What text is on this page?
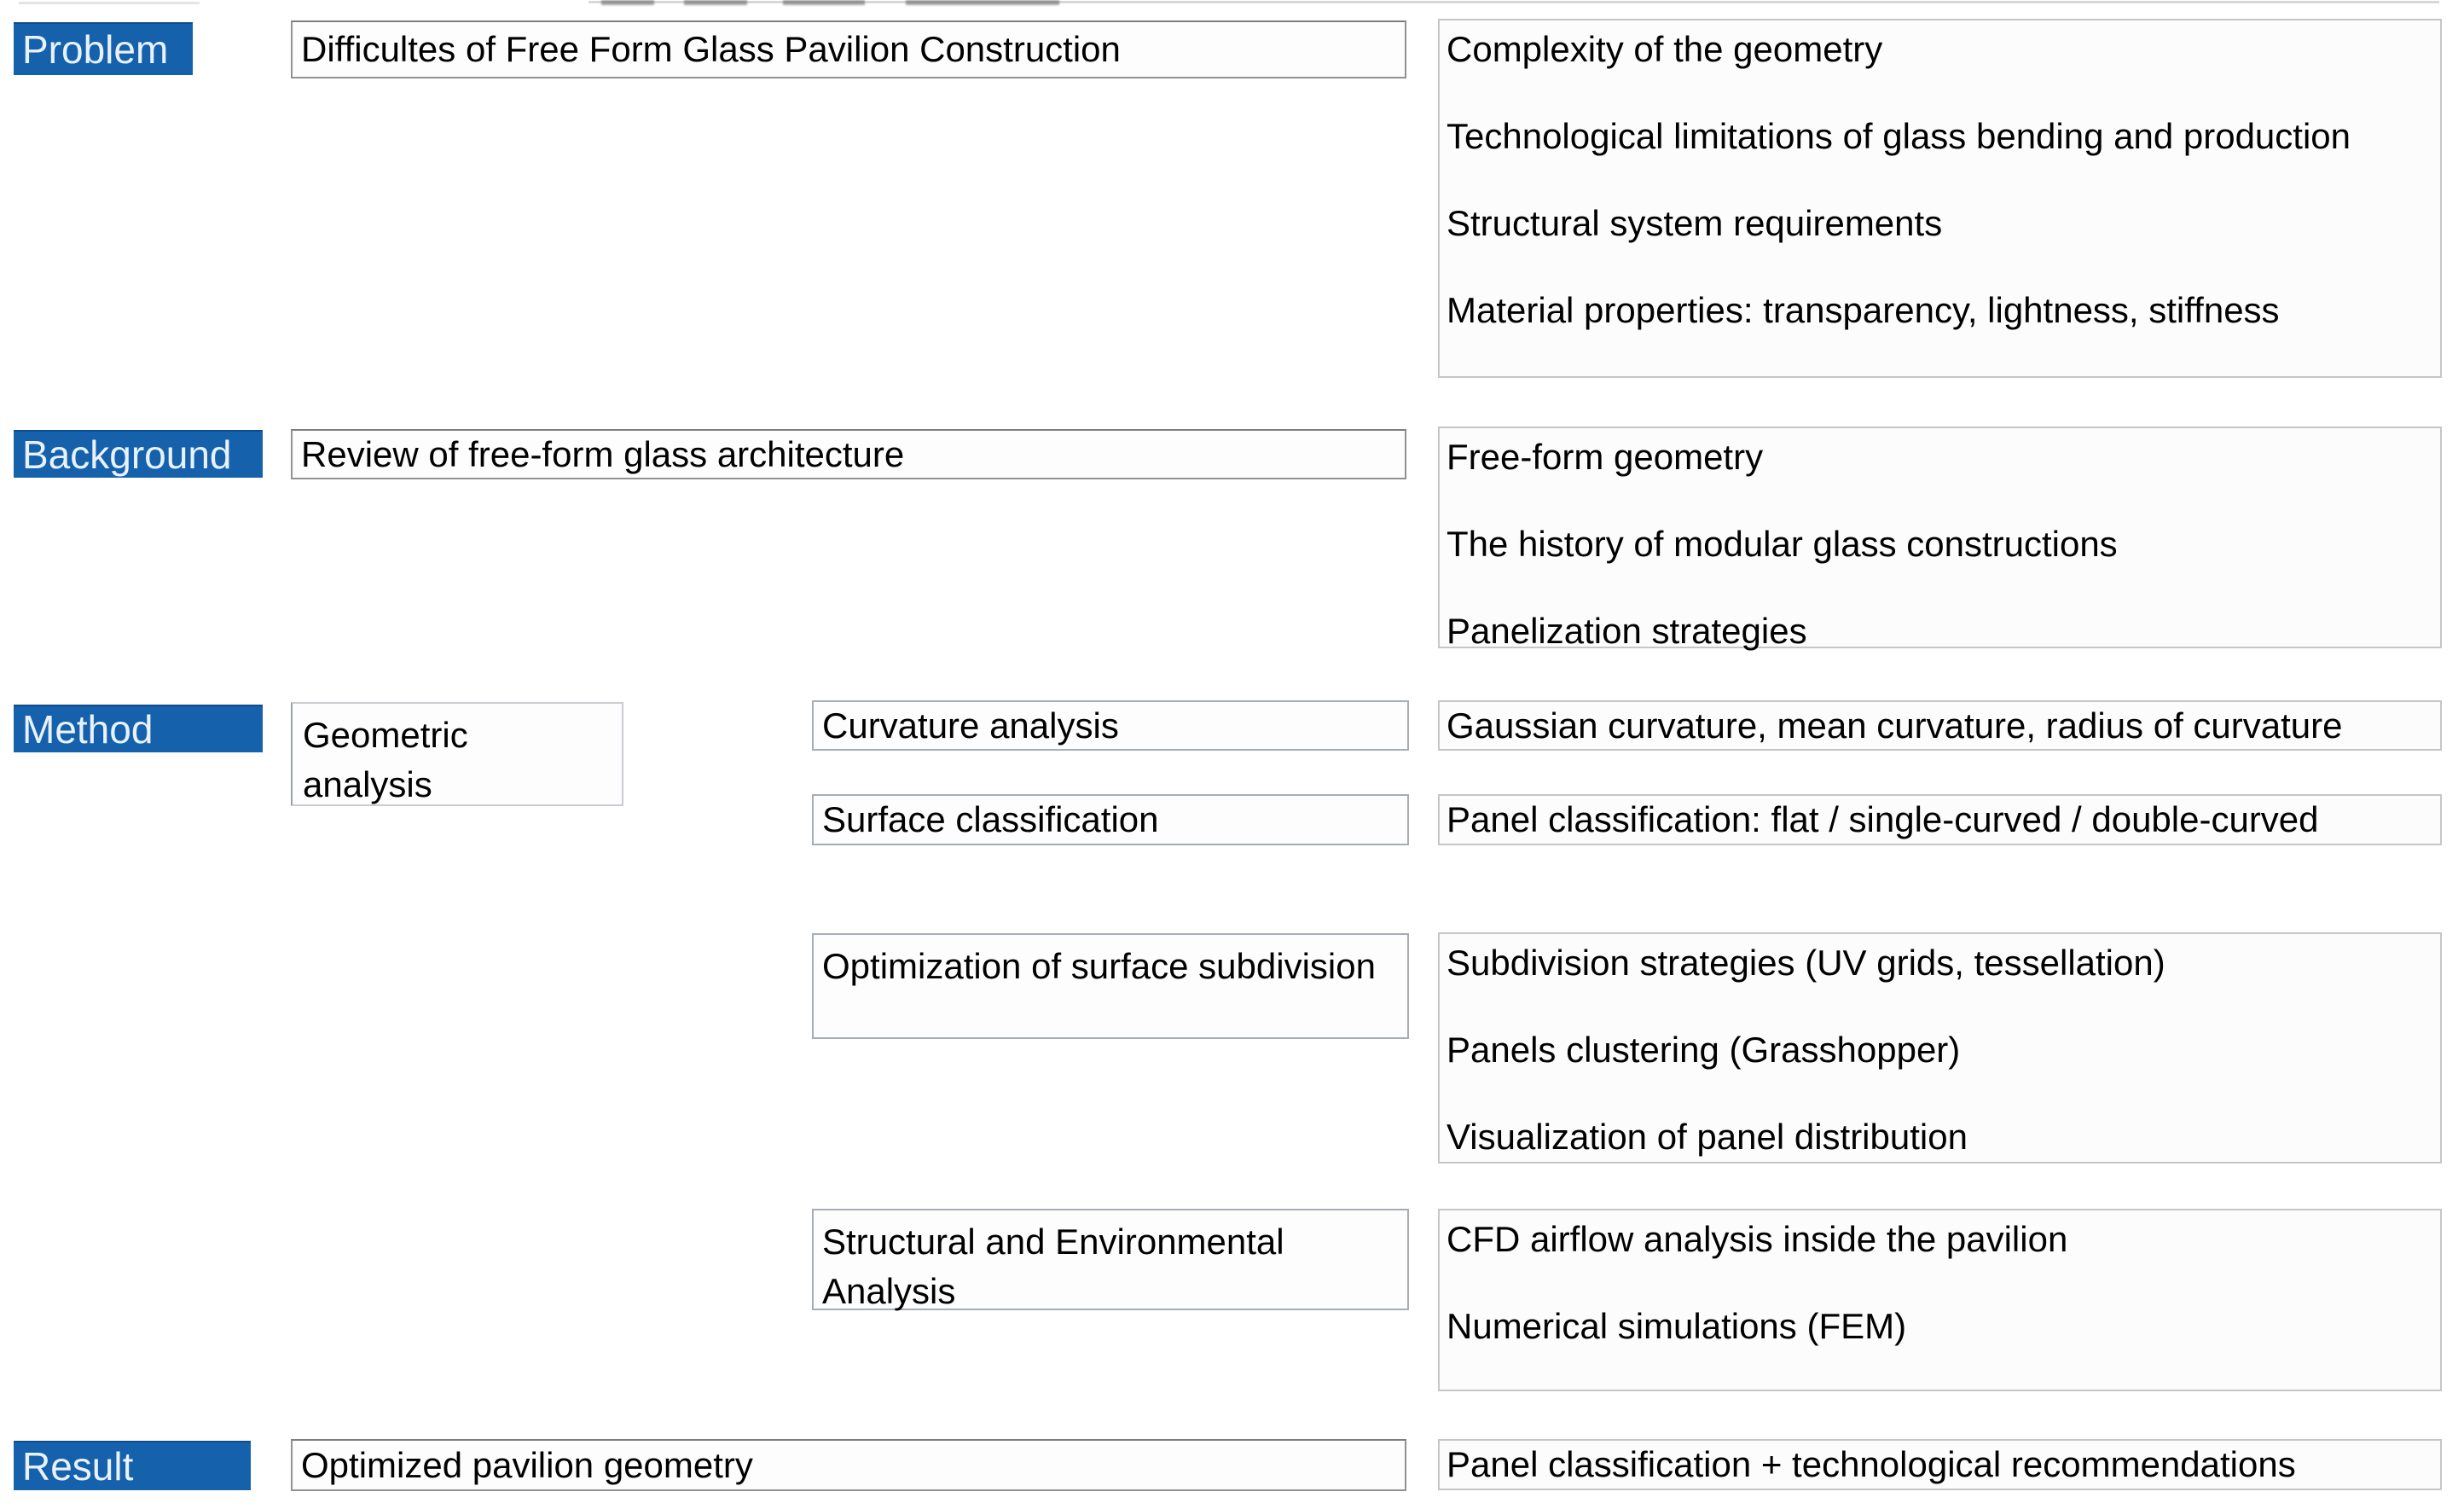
Problem
Background
Method
Result
Difficultes of Free Form Glass Pavilion Construction
Review of free-form glass architecture
Geometric analysis
Optimized pavilion geometry
Curvature analysis
Surface classification
Optimization of surface subdivision
Structural and Environmental Analysis

Complexity of the geometry

Technological limitations of glass bending and production

Structural system requirements

Material properties: transparency, lightness, stiffness

Free-form geometry

The history of modular glass constructions

Panelization strategies

Gaussian curvature, mean curvature, radius of curvature
Panel classification: flat / single-curved / double-curved

Subdivision strategies (UV grids, tessellation)

Panels clustering (Grasshopper)

Visualization of panel distribution

CFD airflow analysis inside the pavilion

Numerical simulations (FEM)

Panel classification + technological recommendations
